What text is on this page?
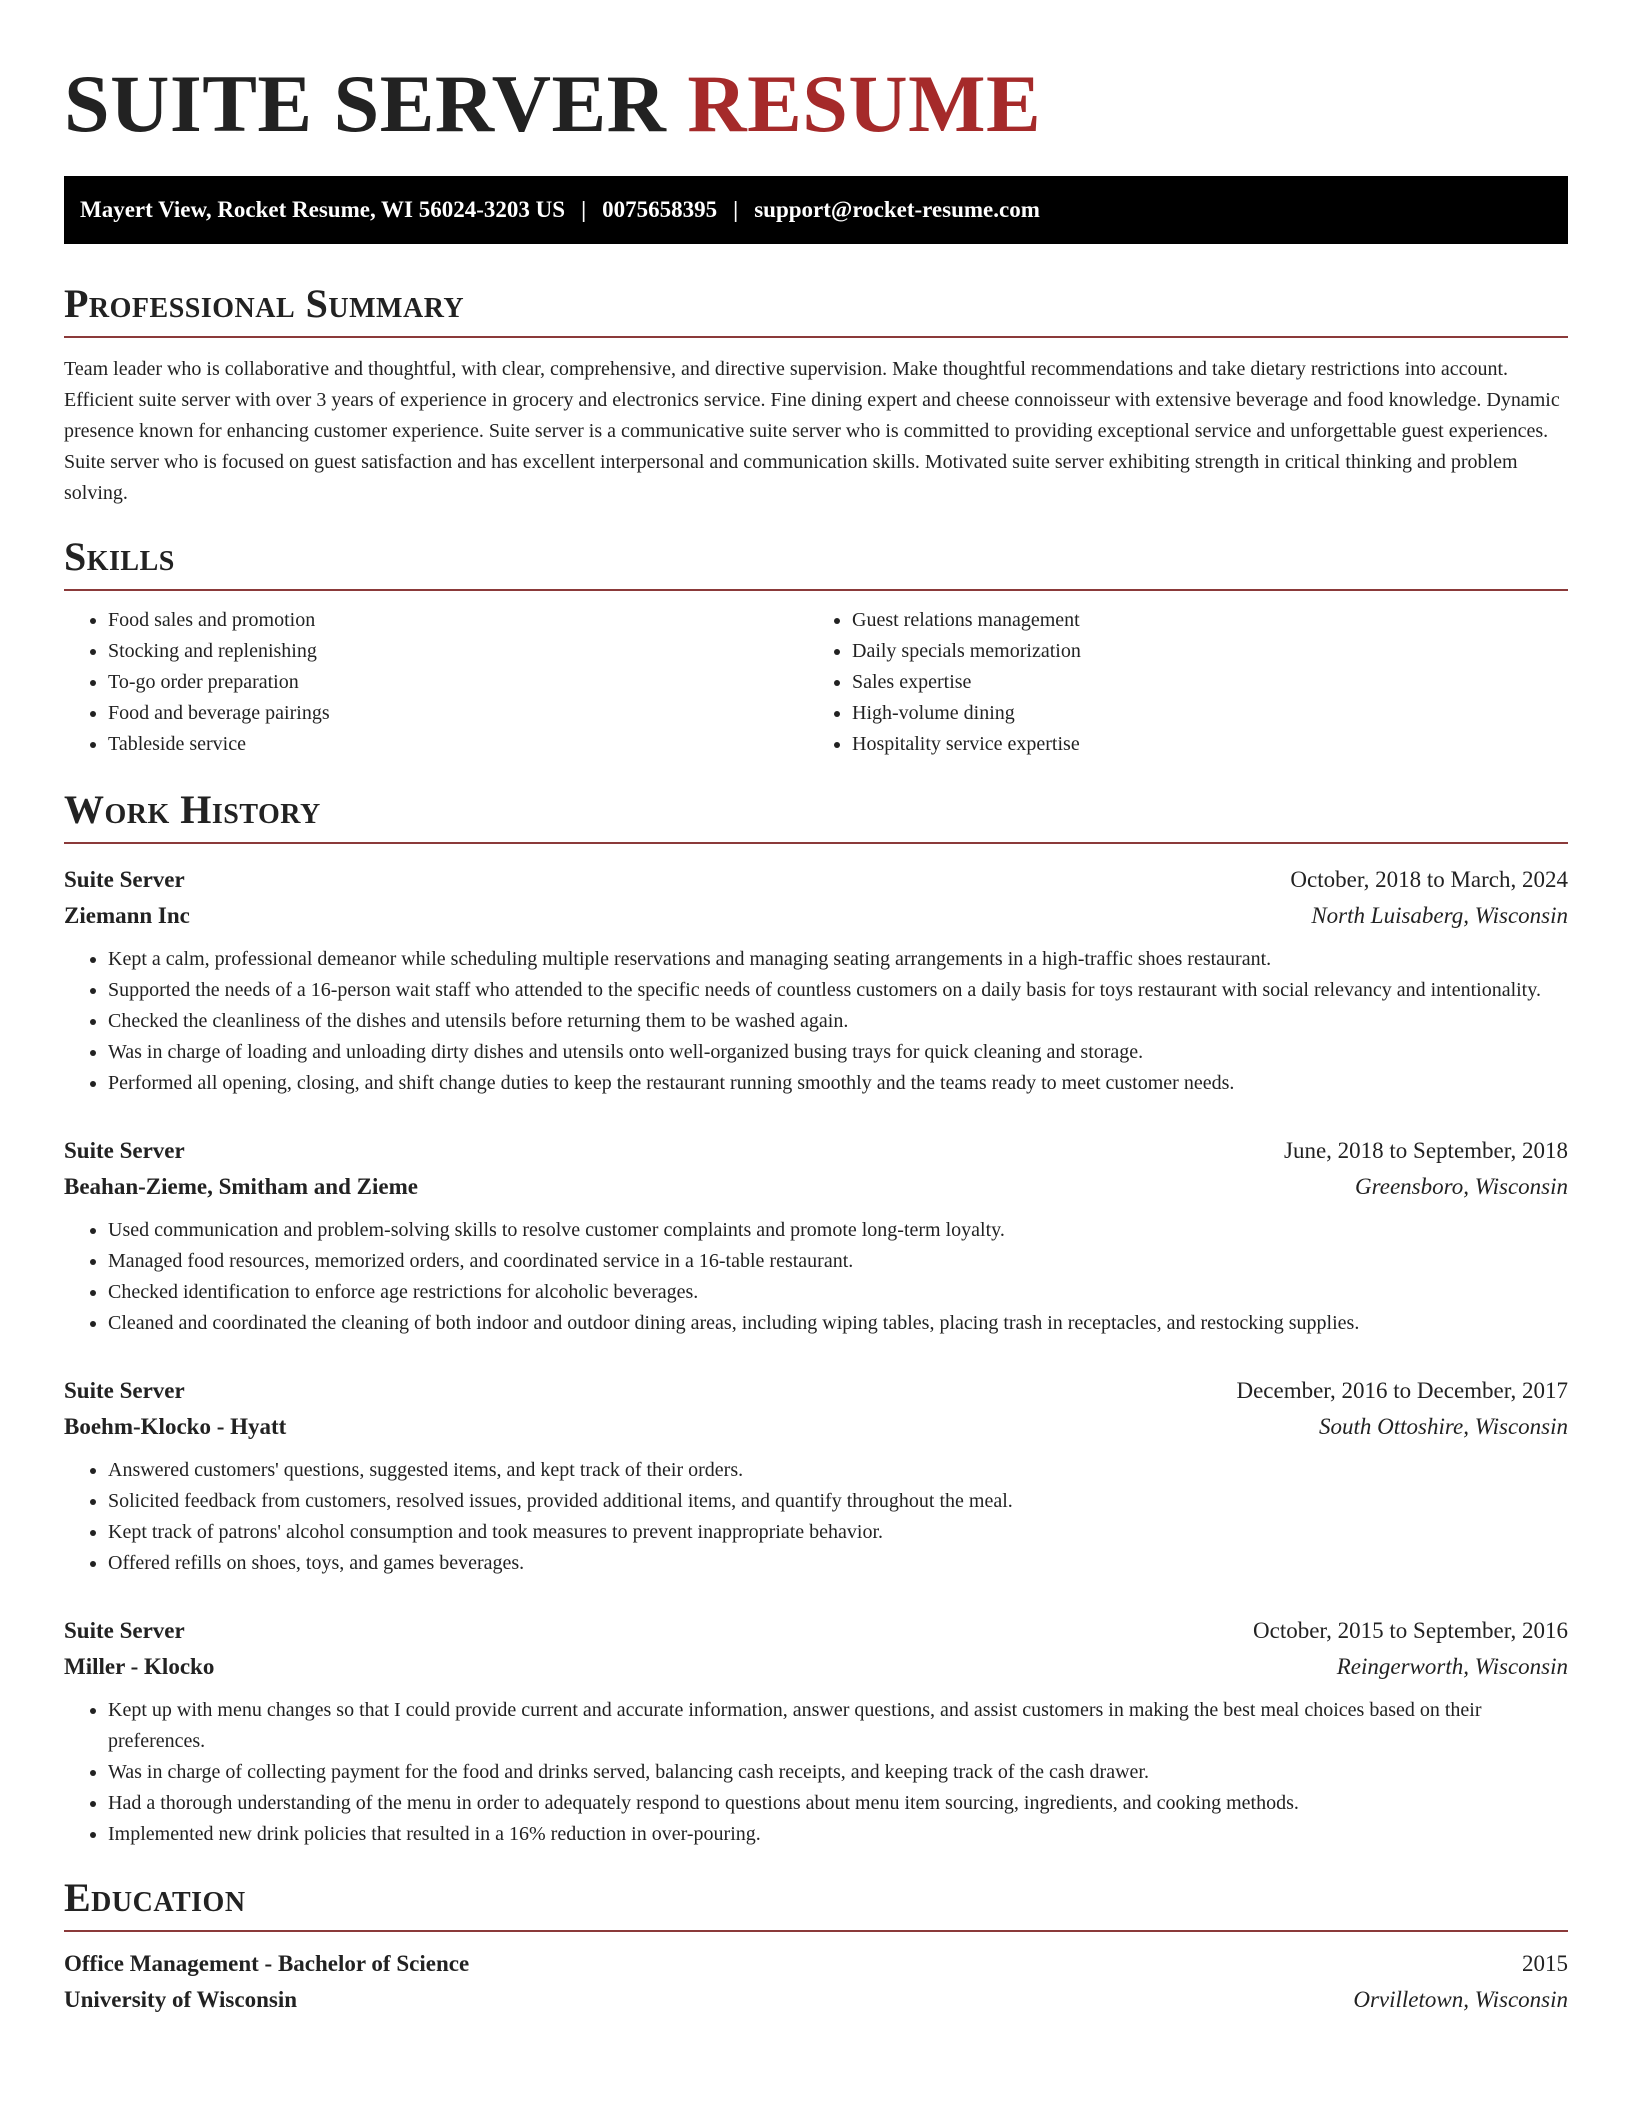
SUITE SERVER RESUME
Mayert View, Rocket Resume, WI 56024-3203 US | 0075658395 | support@rocket-resume.com
Professional Summary

Team leader who is collaborative and thoughtful, with clear, comprehensive, and directive supervision. Make thoughtful recommendations and take dietary restrictions into account. Efficient suite server with over 3 years of experience in grocery and electronics service. Fine dining expert and cheese connoisseur with extensive beverage and food knowledge. Dynamic presence known for enhancing customer experience. Suite server is a communicative suite server who is committed to providing exceptional service and unforgettable guest experiences. Suite server who is focused on guest satisfaction and has excellent interpersonal and communication skills. Motivated suite server exhibiting strength in critical thinking and problem solving.

Skills
• Food sales and promotion
• Stocking and replenishing
• To-go order preparation
• Food and beverage pairings
• Tableside service
• Guest relations management
• Daily specials memorization
• Sales expertise
• High-volume dining
• Hospitality service expertise
Work History
Suite Server	October, 2018 to March, 2024
Ziemann Inc	North Luisaberg, Wisconsin
• Kept a calm, professional demeanor while scheduling multiple reservations and managing seating arrangements in a high-traffic shoes restaurant.
• Supported the needs of a 16-person wait staff who attended to the specific needs of countless customers on a daily basis for toys restaurant with social relevancy and intentionality.
• Checked the cleanliness of the dishes and utensils before returning them to be washed again.
• Was in charge of loading and unloading dirty dishes and utensils onto well-organized busing trays for quick cleaning and storage.
• Performed all opening, closing, and shift change duties to keep the restaurant running smoothly and the teams ready to meet customer needs.
Suite Server	June, 2018 to September, 2018
Beahan-Zieme, Smitham and Zieme	Greensboro, Wisconsin
• Used communication and problem-solving skills to resolve customer complaints and promote long-term loyalty.
• Managed food resources, memorized orders, and coordinated service in a 16-table restaurant.
• Checked identification to enforce age restrictions for alcoholic beverages.
• Cleaned and coordinated the cleaning of both indoor and outdoor dining areas, including wiping tables, placing trash in receptacles, and restocking supplies.
Suite Server	December, 2016 to December, 2017
Boehm-Klocko - Hyatt	South Ottoshire, Wisconsin
• Answered customers' questions, suggested items, and kept track of their orders.
• Solicited feedback from customers, resolved issues, provided additional items, and quantify throughout the meal.
• Kept track of patrons' alcohol consumption and took measures to prevent inappropriate behavior.
• Offered refills on shoes, toys, and games beverages.
Suite Server	October, 2015 to September, 2016
Miller - Klocko	Reingerworth, Wisconsin
• Kept up with menu changes so that I could provide current and accurate information, answer questions, and assist customers in making the best meal choices based on their preferences.
• Was in charge of collecting payment for the food and drinks served, balancing cash receipts, and keeping track of the cash drawer.
• Had a thorough understanding of the menu in order to adequately respond to questions about menu item sourcing, ingredients, and cooking methods.
• Implemented new drink policies that resulted in a 16% reduction in over-pouring.
Education
Office Management - Bachelor of Science	2015
University of Wisconsin	Orvilletown, Wisconsin
